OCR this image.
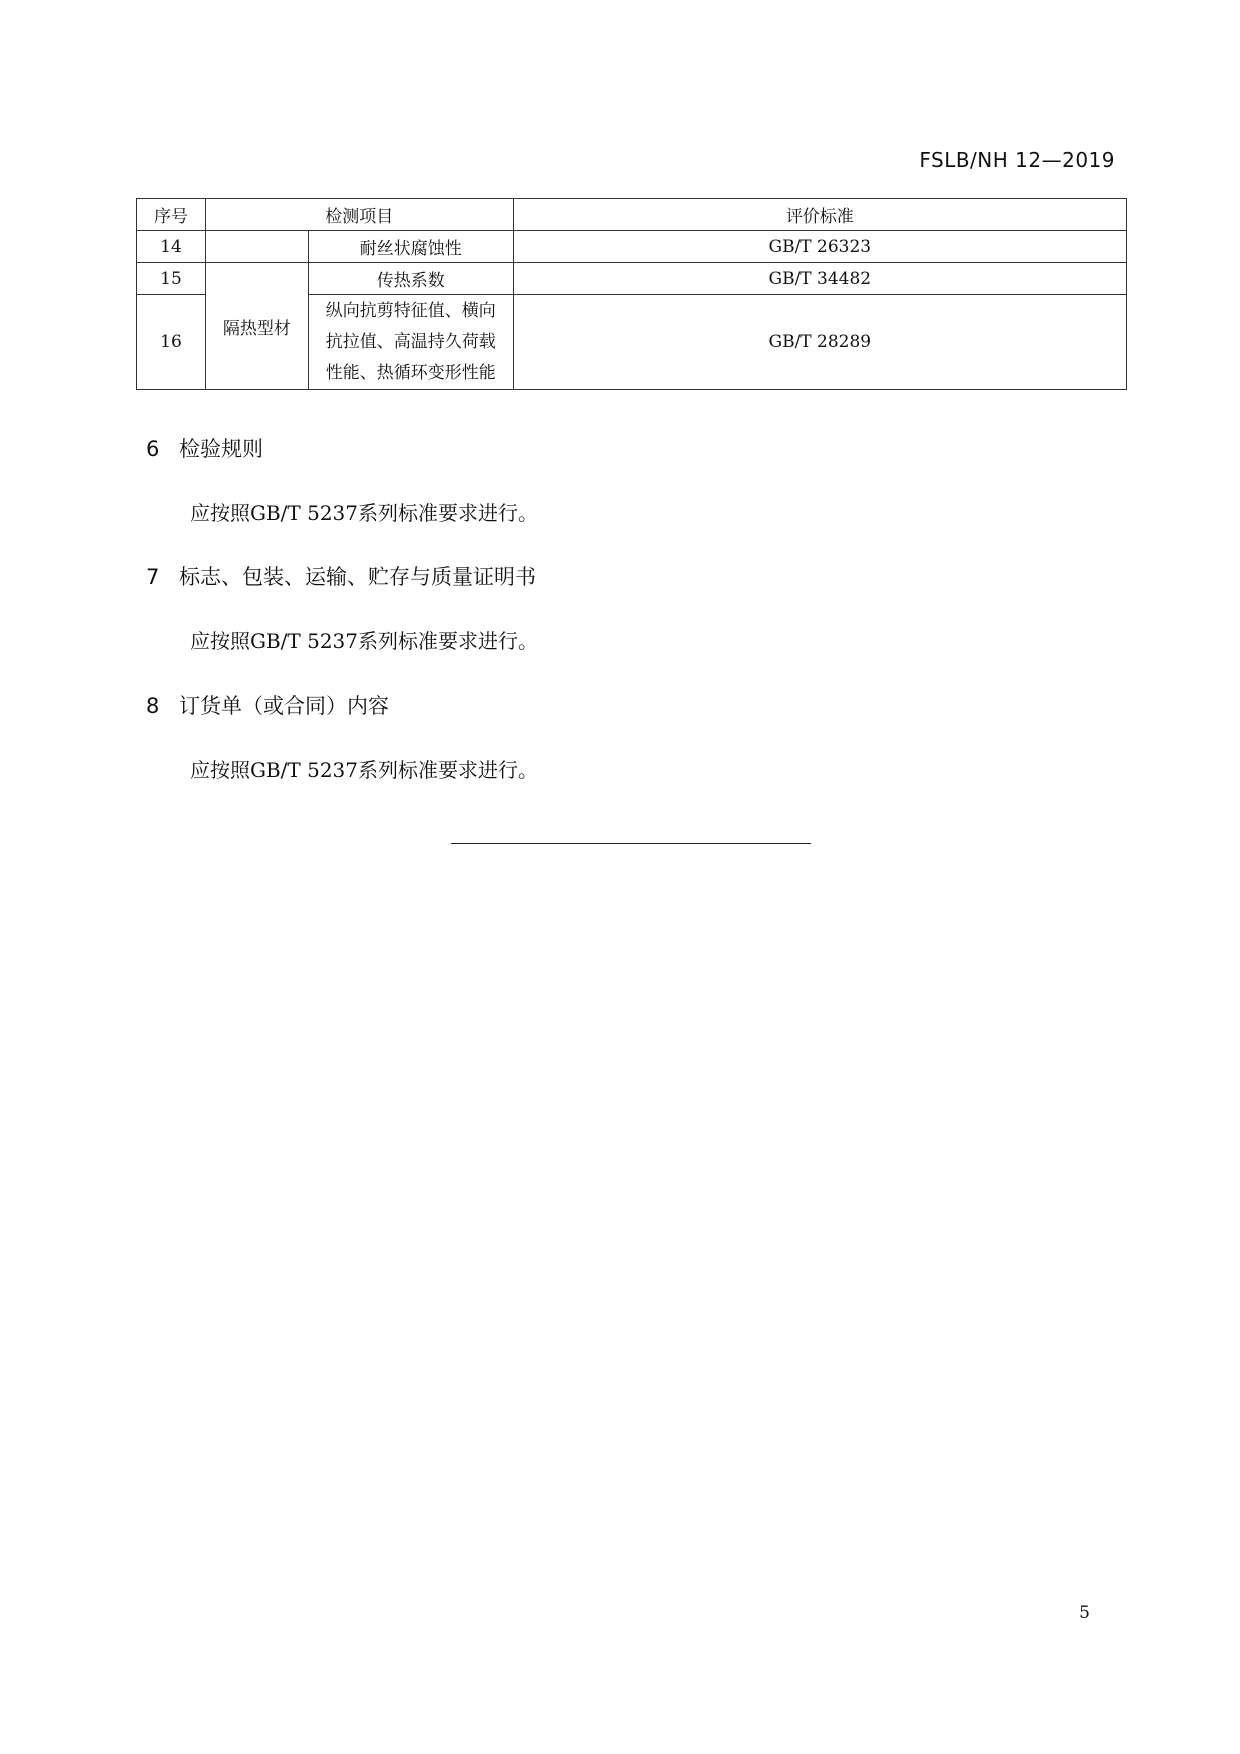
FSLB/NH 12—2019
序号	检测项目		评价标准
14		耐丝状腐蚀性	GB/T 26323
15	隔热型材	传热系数	GB/T 34482
16		纵向抗剪特征值、横向
抗拉值、高温持久荷载
性能、热循环变形性能	GB/T 28289
6 检验规则
应按照GB/T 5237系列标准要求进行。
7 标志、包装、运输、贮存与质量证明书
应按照GB/T 5237系列标准要求进行。
8 订货单（或合同）内容
应按照GB/T 5237系列标准要求进行。
5
